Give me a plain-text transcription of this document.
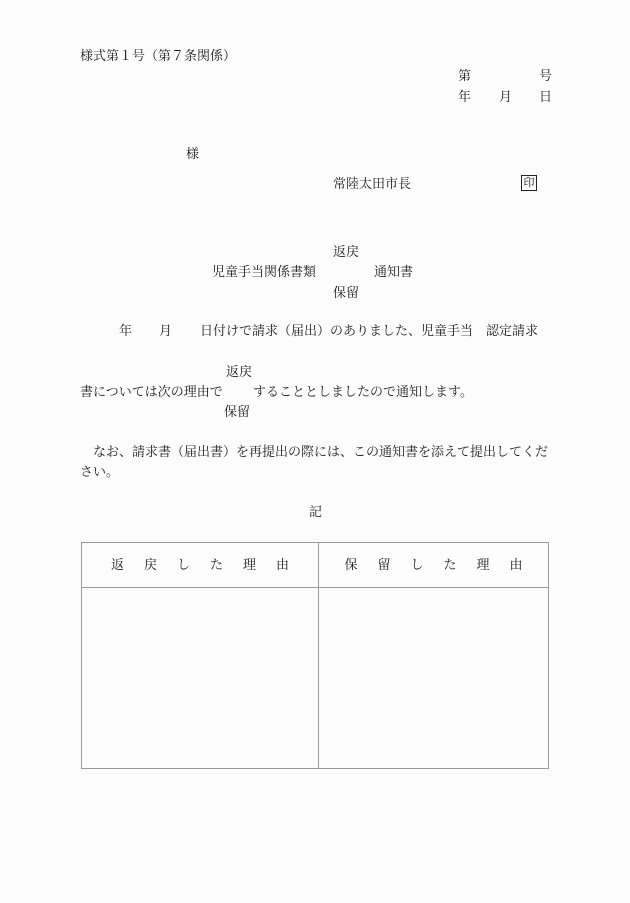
様式第１号（第７条関係）
第	号
年 月 日
様
常陸太田市長	印
返戻
児童手当関係書類	通知書
保留
年 月 日付けで請求（届出）のありました、児童手当　認定請求
返戻
書については次の理由で することとしましたので通知します。
保留
　なお、請求書（届出書）を再提出の際には、この通知書を添えて提出してください。
記
返 戻 し た 理 由	保 留 し た 理 由
